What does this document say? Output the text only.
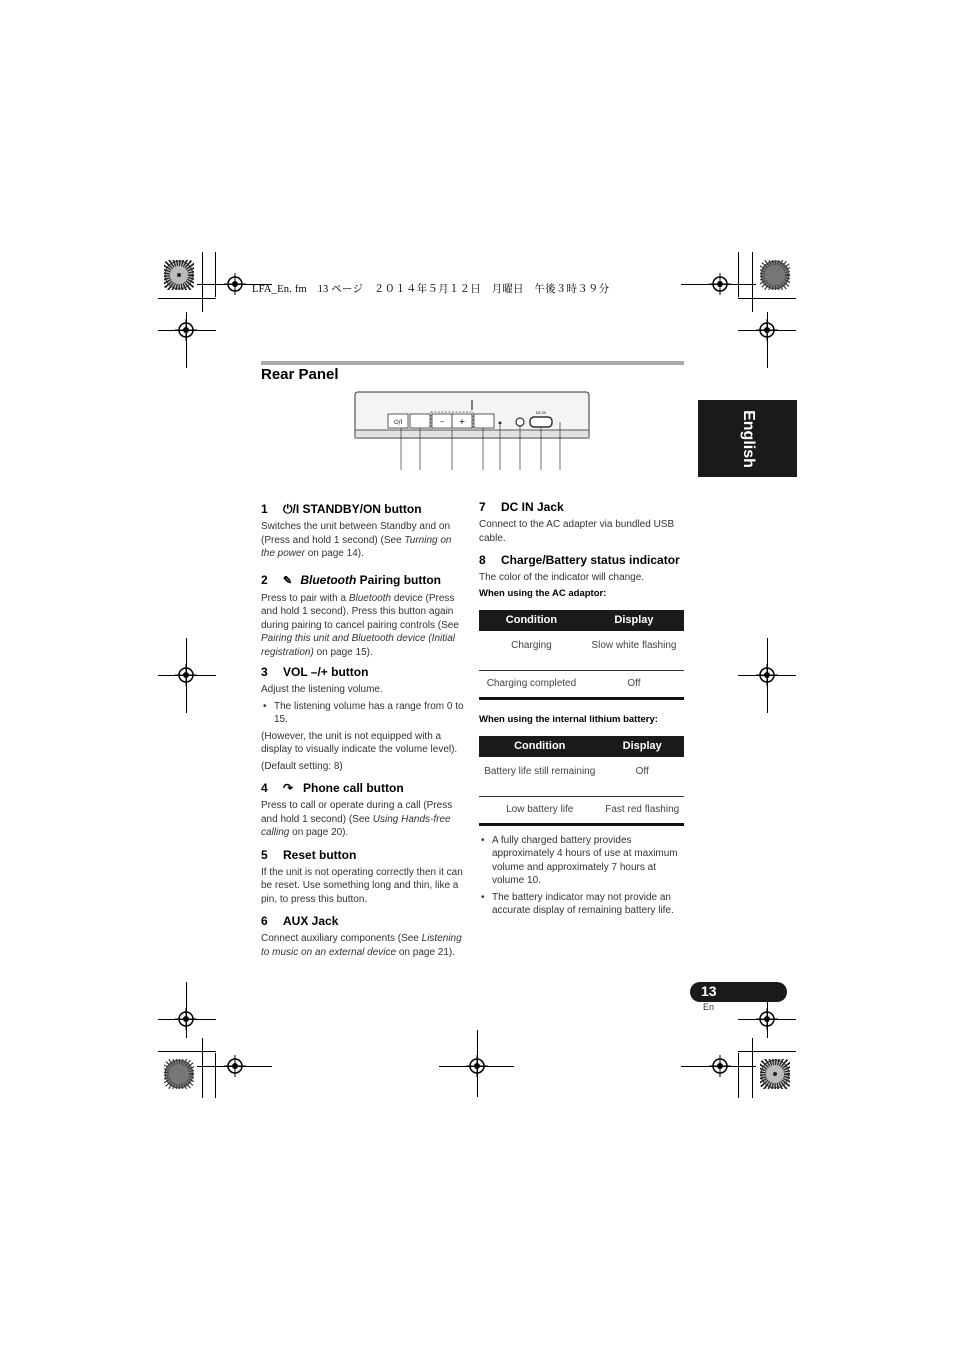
LFA_En. fm　13 ページ　２０１４年５月１２日　月曜日　午後３時３９分
Rear Panel
English
⏻/I	– +
DC IN

1 ⏻/I STANDBY/ON button

Switches the unit between Standby and on (Press and hold 1 second) (See Turning on the power on page 14).

2 ✎ Bluetooth Pairing button

Press to pair with a Bluetooth device (Press and hold 1 second). Press this button again during pairing to cancel pairing controls (See Pairing this unit and Bluetooth device (Initial registration) on page 15).

3 VOL –/+ button

Adjust the listening volume.

• The listening volume has a range from 0 to 15.

(However, the unit is not equipped with a display to visually indicate the volume level).

(Default setting: 8)

4 ↷ Phone call button

Press to call or operate during a call (Press and hold 1 second) (See Using Hands-free calling on page 20).

5 Reset button

If the unit is not operating correctly then it can be reset. Use something long and thin, like a pin, to press this button.

6 AUX Jack

Connect auxiliary components (See Listening to music on an external device on page 21).

7 DC IN Jack

Connect to the AC adapter via bundled USB cable.

8 Charge/Battery status indicator

The color of the indicator will change.

When using the AC adaptor:
Condition	Display
Charging	Slow white flashing
Charging completed	Off
When using the internal lithium battery:
Condition	Display
Battery life still remaining	Off
Low battery life	Fast red flashing

• A fully charged battery provides approximately 4 hours of use at maximum volume and approximately 7 hours at volume 10.

• The battery indicator may not provide an accurate display of remaining battery life.

13
En
